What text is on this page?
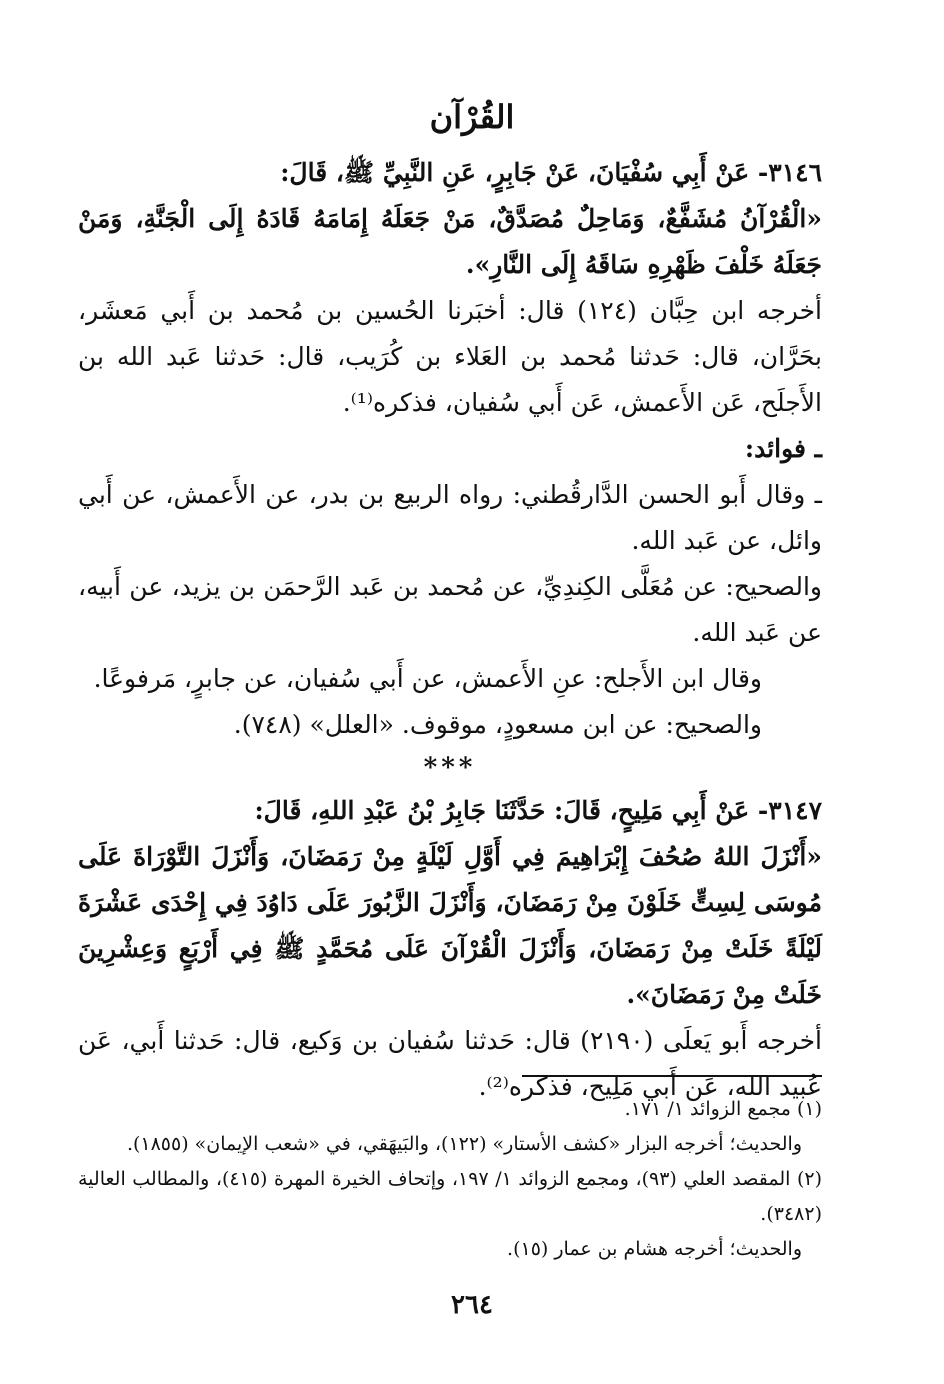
القُرْآن

٣١٤٦- عَنْ أَبِي سُفْيَانَ، عَنْ جَابِرٍ، عَنِ النَّبِيِّ ﷺ، قَالَ:

«الْقُرْآنُ مُشَفَّعٌ، وَمَاحِلٌ مُصَدَّقٌ، مَنْ جَعَلَهُ إِمَامَهُ قَادَهُ إِلَى الْجَنَّةِ، وَمَنْ جَعَلَهُ خَلْفَ ظَهْرِهِ سَاقَهُ إِلَى النَّارِ».

أخرجه ابن حِبَّان (١٢٤) قال: أخبَرنا الحُسين بن مُحمد بن أَبي مَعشَر، بحَرَّان، قال: حَدثنا مُحمد بن العَلاء بن كُرَيب، قال: حَدثنا عَبد الله بن الأَجلَح، عَن الأَعمش، عَن أَبي سُفيان، فذكره⁽¹⁾.

ـ فوائد:

ـ وقال أَبو الحسن الدَّارقُطني: رواه الربيع بن بدر، عن الأَعمش، عن أَبي وائل، عن عَبد الله.

والصحيح: عن مُعَلَّى الكِندِيِّ، عن مُحمد بن عَبد الرَّحمَن بن يزيد، عن أَبيه، عن عَبد الله.

وقال ابن الأَجلح: عنِ الأَعمش، عن أَبي سُفيان، عن جابرٍ، مَرفوعًا.

والصحيح: عن ابن مسعودٍ، موقوف. «العلل» (٧٤٨).

***

٣١٤٧- عَنْ أَبِي مَلِيحٍ، قَالَ: حَدَّثَنَا جَابِرُ بْنُ عَبْدِ اللهِ، قَالَ:

«أَنْزَلَ اللهُ صُحُفَ إِبْرَاهِيمَ فِي أَوَّلِ لَيْلَةٍ مِنْ رَمَضَانَ، وَأَنْزَلَ التَّوْرَاةَ عَلَى مُوسَى لِسِتٍّ خَلَوْنَ مِنْ رَمَضَانَ، وَأَنْزَلَ الزَّبُورَ عَلَى دَاوُدَ فِي إِحْدَى عَشْرَةَ لَيْلَةً خَلَتْ مِنْ رَمَضَانَ، وَأَنْزَلَ الْقُرْآنَ عَلَى مُحَمَّدٍ ﷺ فِي أَرْبَعٍ وَعِشْرِينَ خَلَتْ مِنْ رَمَضَانَ».

أخرجه أَبو يَعلَى (٢١٩٠) قال: حَدثنا سُفيان بن وَكيع، قال: حَدثنا أَبي، عَن عُبيد الله، عَن أَبي مَلِيح، فذكره⁽²⁾.

(١) مجمع الزوائد ١/ ١٧١.

والحديث؛ أخرجه البزار «كشف الأستار» (١٢٢)، والبَيهَقي، في «شعب الإيمان» (١٨٥٥).

(٢) المقصد العلي (٩٣)، ومجمع الزوائد ١/ ١٩٧، وإتحاف الخيرة المهرة (٤١٥)، والمطالب العالية (٣٤٨٢).

والحديث؛ أخرجه هشام بن عمار (١٥).

٢٦٤
